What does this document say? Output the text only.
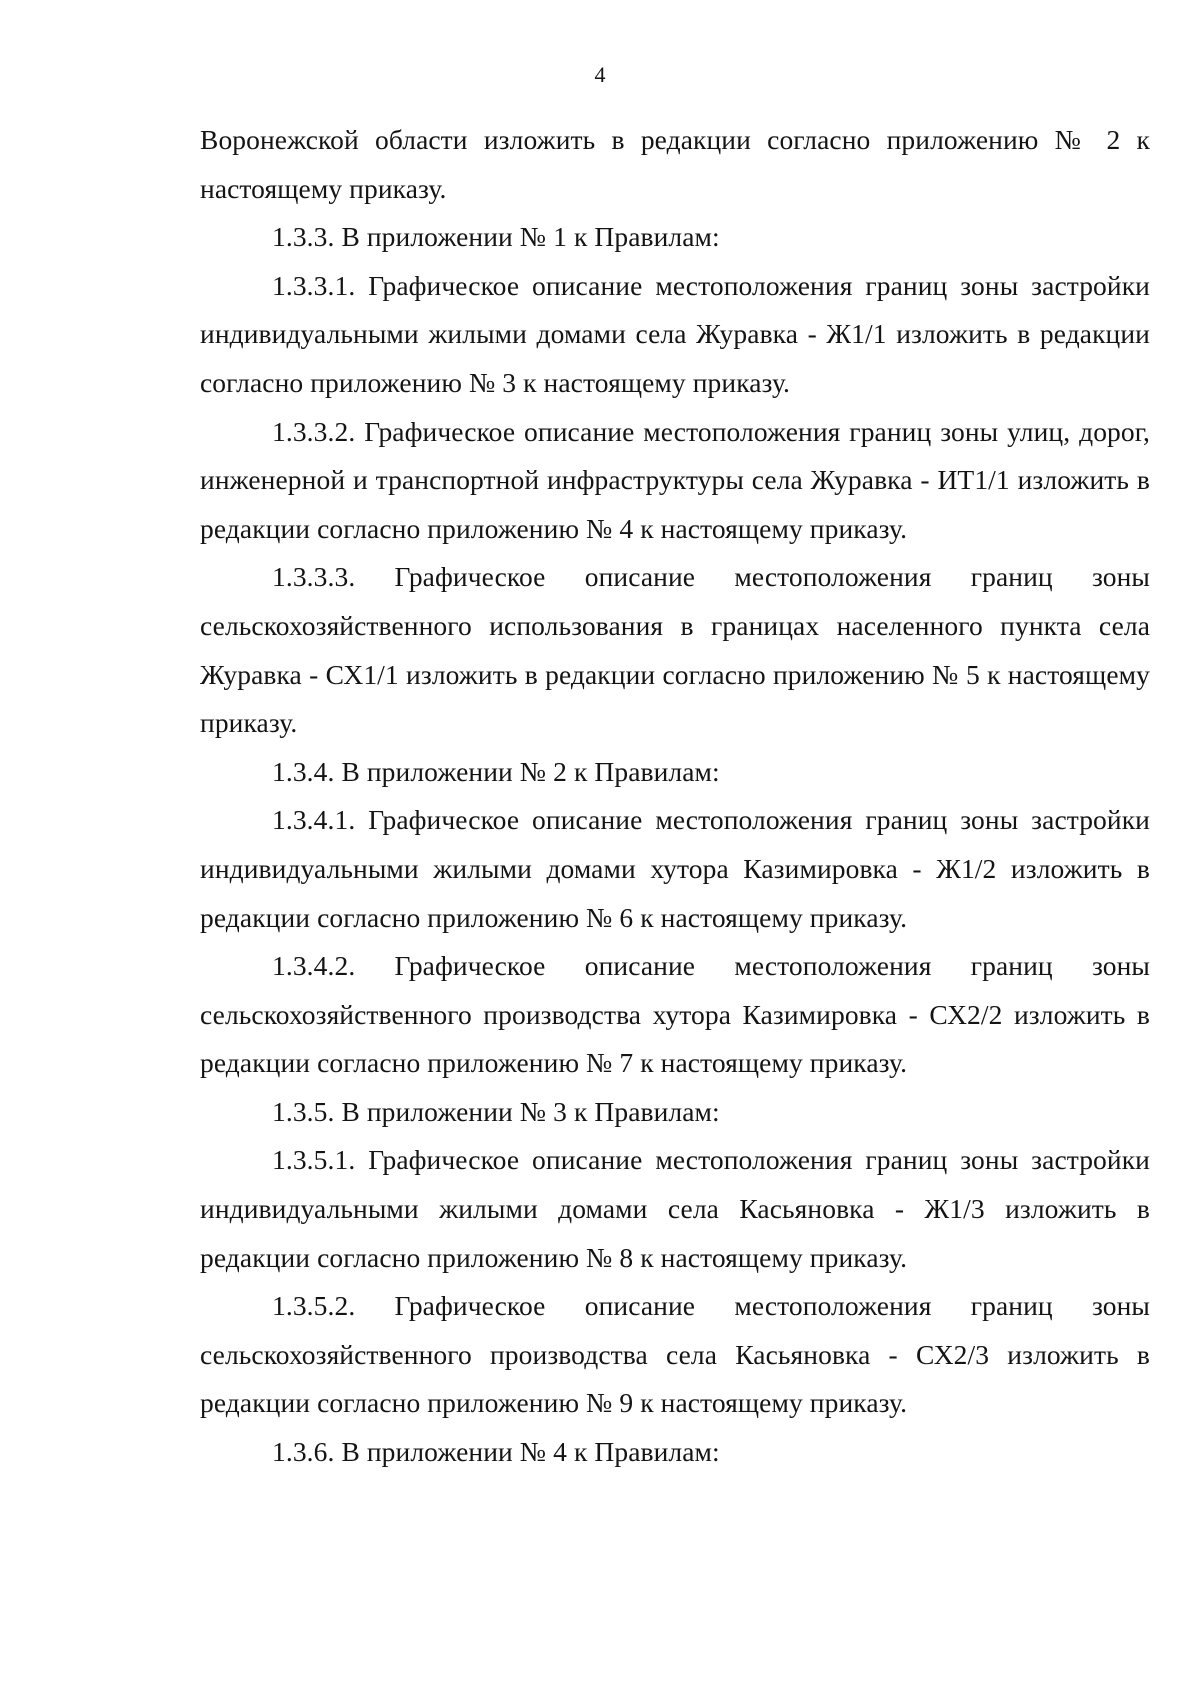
4

Воронежской области изложить в редакции согласно приложению № 2 к настоящему приказу.

1.3.3. В приложении № 1 к Правилам:

1.3.3.1. Графическое описание местоположения границ зоны застройки индивидуальными жилыми домами села Журавка - Ж1/1 изложить в редакции согласно приложению № 3 к настоящему приказу.

1.3.3.2. Графическое описание местоположения границ зоны улиц, дорог, инженерной и транспортной инфраструктуры села Журавка - ИТ1/1 изложить в редакции согласно приложению № 4 к настоящему приказу.

1.3.3.3. Графическое описание местоположения границ зоны сельскохозяйственного использования в границах населенного пункта села Журавка - СХ1/1 изложить в редакции согласно приложению № 5 к настоящему приказу.

1.3.4. В приложении № 2 к Правилам:

1.3.4.1. Графическое описание местоположения границ зоны застройки индивидуальными жилыми домами хутора Казимировка - Ж1/2 изложить в редакции согласно приложению № 6 к настоящему приказу.

1.3.4.2. Графическое описание местоположения границ зоны сельскохозяйственного производства хутора Казимировка - СХ2/2 изложить в редакции согласно приложению № 7 к настоящему приказу.

1.3.5. В приложении № 3 к Правилам:

1.3.5.1. Графическое описание местоположения границ зоны застройки индивидуальными жилыми домами села Касьяновка - Ж1/3 изложить в редакции согласно приложению № 8 к настоящему приказу.

1.3.5.2. Графическое описание местоположения границ зоны сельскохозяйственного производства села Касьяновка - СХ2/3 изложить в редакции согласно приложению № 9 к настоящему приказу.

1.3.6. В приложении № 4 к Правилам:
